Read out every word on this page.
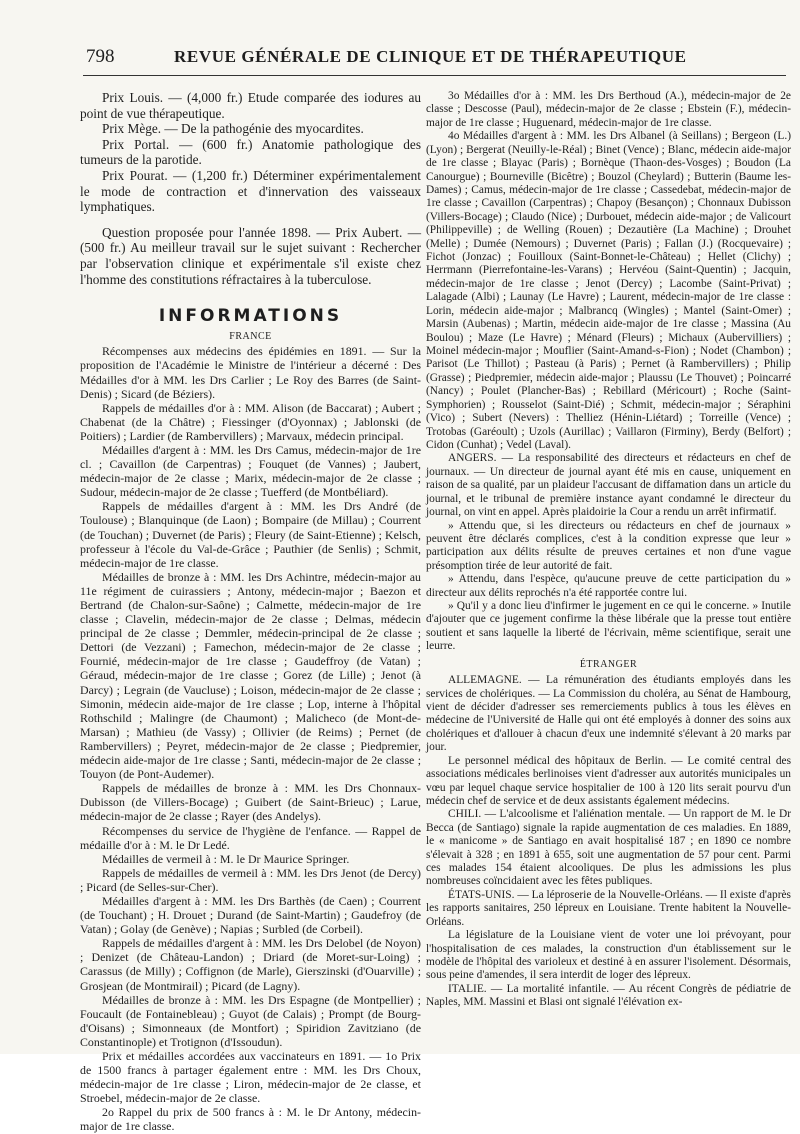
798	REVUE GÉNÉRALE DE CLINIQUE ET DE THÉRAPEUTIQUE

Prix Louis. — (4,000 fr.) Etude comparée des iodures au point de vue thérapeutique.

Prix Mège. — De la pathogénie des myocardites.

Prix Portal. — (600 fr.) Anatomie pathologique des tumeurs de la parotide.

Prix Pourat. — (1,200 fr.) Déterminer expérimentalement le mode de contraction et d'innervation des vaisseaux lymphatiques.

Question proposée pour l'année 1898. — Prix Aubert. — (500 fr.) Au meilleur travail sur le sujet suivant : Rechercher par l'observation clinique et expérimentale s'il existe chez l'homme des constitutions réfractaires à la tuberculose.

INFORMATIONS

FRANCE

Récompenses aux médecins des épidémies en 1891. — Sur la proposition de l'Académie le Ministre de l'intérieur a décerné : Des Médailles d'or à MM. les Drs Carlier ; Le Roy des Barres (de Saint-Denis) ; Sicard (de Béziers).

Rappels de médailles d'or à : MM. Alison (de Baccarat) ; Aubert ; Chabenat (de la Châtre) ; Fiessinger (d'Oyonnax) ; Jablonski (de Poitiers) ; Lardier (de Rambervillers) ; Marvaux, médecin principal.

Médailles d'argent à : MM. les Drs Camus, médecin-major de 1re cl. ; Cavaillon (de Carpentras) ; Fouquet (de Vannes) ; Jaubert, médecin-major de 2e classe ; Marix, médecin-major de 2e classe ; Sudour, médecin-major de 2e classe ; Tuefferd (de Montbéliard).

Rappels de médailles d'argent à : MM. les Drs André (de Toulouse) ; Blanquinque (de Laon) ; Bompaire (de Millau) ; Courrent (de Touchan) ; Duvernet (de Paris) ; Fleury (de Saint-Etienne) ; Kelsch, professeur à l'école du Val-de-Grâce ; Pauthier (de Senlis) ; Schmit, médecin-major de 1re classe.

Médailles de bronze à : MM. les Drs Achintre, médecin-major au 11e régiment de cuirassiers ; Antony, médecin-major ; Baezon et Bertrand (de Chalon-sur-Saône) ; Calmette, médecin-major de 1re classe ; Clavelin, médecin-major de 2e classe ; Delmas, médecin principal de 2e classe ; Demmler, médecin-principal de 2e classe ; Dettori (de Vezzani) ; Famechon, médecin-major de 2e classe ; Fournié, médecin-major de 1re classe ; Gaudeffroy (de Vatan) ; Géraud, médecin-major de 1re classe ; Gorez (de Lille) ; Jenot (à Darcy) ; Legrain (de Vaucluse) ; Loison, médecin-major de 2e classe ; Simonin, médecin aide-major de 1re classe ; Lop, interne à l'hôpital Rothschild ; Malingre (de Chaumont) ; Malicheco (de Mont-de-Marsan) ; Mathieu (de Vassy) ; Ollivier (de Reims) ; Pernet (de Rambervillers) ; Peyret, médecin-major de 2e classe ; Piedpremier, médecin aide-major de 1re classe ; Santi, médecin-major de 2e classe ; Touyon (de Pont-Audemer).

Rappels de médailles de bronze à : MM. les Drs Chonnaux-Dubisson (de Villers-Bocage) ; Guibert (de Saint-Brieuc) ; Larue, médecin-major de 2e classe ; Rayer (des Andelys).

Récompenses du service de l'hygiène de l'enfance. — Rappel de médaille d'or à : M. le Dr Ledé.

Médailles de vermeil à : M. le Dr Maurice Springer.

Rappels de médailles de vermeil à : MM. les Drs Jenot (de Dercy) ; Picard (de Selles-sur-Cher).

Médailles d'argent à : MM. les Drs Barthès (de Caen) ; Courrent (de Touchant) ; H. Drouet ; Durand (de Saint-Martin) ; Gaudefroy (de Vatan) ; Golay (de Genève) ; Napias ; Surbled (de Corbeil).

Rappels de médailles d'argent à : MM. les Drs Delobel (de Noyon) ; Denizet (de Château-Landon) ; Driard (de Moret-sur-Loing) ; Carassus (de Milly) ; Coffignon (de Marle), Gierszinski (d'Ouarville) ; Grosjean (de Montmirail) ; Picard (de Lagny).

Médailles de bronze à : MM. les Drs Espagne (de Montpellier) ; Foucault (de Fontainebleau) ; Guyot (de Calais) ; Prompt (de Bourg-d'Oisans) ; Simonneaux (de Montfort) ; Spiridion Zavitziano (de Constantinople) et Trotignon (d'Issoudun).

Prix et médailles accordées aux vaccinateurs en 1891. — 1o Prix de 1500 francs à partager également entre : MM. les Drs Choux, médecin-major de 1re classe ; Liron, médecin-major de 2e classe, et Stroebel, médecin-major de 2e classe.

2o Rappel du prix de 500 francs à : M. le Dr Antony, médecin-major de 1re classe.

3o Médailles d'or à : MM. les Drs Berthoud (A.), médecin-major de 2e classe ; Descosse (Paul), médecin-major de 2e classe ; Ebstein (F.), médecin-major de 1re classe ; Huguenard, médecin-major de 1re classe.

4o Médailles d'argent à : MM. les Drs Albanel (à Seillans) ; Bergeon (L.) (Lyon) ; Bergerat (Neuilly-le-Réal) ; Binet (Vence) ; Blanc, médecin aide-major de 1re classe ; Blayac (Paris) ; Bornèque (Thaon-des-Vosges) ; Boudon (La Canourgue) ; Bourneville (Bicêtre) ; Bouzol (Cheylard) ; Butterin (Baume les-Dames) ; Camus, médecin-major de 1re classe ; Cassedebat, médecin-major de 1re classe ; Cavaillon (Carpentras) ; Chapoy (Besançon) ; Chonnaux Dubisson (Villers-Bocage) ; Claudo (Nice) ; Durbouet, médecin aide-major ; de Valicourt (Philippeville) ; de Welling (Rouen) ; Dezautière (La Machine) ; Drouhet (Melle) ; Dumée (Nemours) ; Duvernet (Paris) ; Fallan (J.) (Rocquevaire) ; Fichot (Jonzac) ; Fouilloux (Saint-Bonnet-le-Château) ; Hellet (Clichy) ; Herrmann (Pierrefontaine-les-Varans) ; Hervéou (Saint-Quentin) ; Jacquin, médecin-major de 1re classe ; Jenot (Dercy) ; Lacombe (Saint-Privat) ; Lalagade (Albi) ; Launay (Le Havre) ; Laurent, médecin-major de 1re classe : Lorin, médecin aide-major ; Malbrancq (Wingles) ; Mantel (Saint-Omer) ; Marsin (Aubenas) ; Martin, médecin aide-major de 1re classe ; Massina (Au Boulou) ; Maze (Le Havre) ; Ménard (Fleurs) ; Michaux (Aubervilliers) ; Moinel médecin-major ; Mouflier (Saint-Amand-s-Fion) ; Nodet (Chambon) ; Parisot (Le Thillot) ; Pasteau (à Paris) ; Pernet (à Rambervillers) ; Philip (Grasse) ; Piedpremier, médecin aide-major ; Plaussu (Le Thouvet) ; Poincarré (Nancy) ; Poulet (Plancher-Bas) ; Rebillard (Méricourt) ; Roche (Saint-Symphorien) ; Rousselot (Saint-Dié) ; Schmit, médecin-major ; Séraphini (Vico) ; Subert (Nevers) : Thelliez (Hénin-Liétard) ; Torreille (Vence) ; Trotobas (Garéoult) ; Uzols (Aurillac) ; Vaillaron (Firminy), Berdy (Belfort) ; Cidon (Cunhat) ; Vedel (Laval).

ANGERS. — La responsabilité des directeurs et rédacteurs en chef de journaux. — Un directeur de journal ayant été mis en cause, uniquement en raison de sa qualité, par un plaideur l'accusant de diffamation dans un article du journal, et le tribunal de première instance ayant condamné le directeur du journal, on vint en appel. Après plaidoirie la Cour a rendu un arrêt infirmatif.

» Attendu que, si les directeurs ou rédacteurs en chef de journaux » peuvent être déclarés complices, c'est à la condition expresse que leur » participation aux délits résulte de preuves certaines et non d'une vague présomption tirée de leur autorité de fait.

» Attendu, dans l'espèce, qu'aucune preuve de cette participation du » directeur aux délits reprochés n'a été rapportée contre lui.

» Qu'il y a donc lieu d'infirmer le jugement en ce qui le concerne. » Inutile d'ajouter que ce jugement confirme la thèse libérale que la presse tout entière soutient et sans laquelle la liberté de l'écrivain, même scientifique, serait une leurre.

ÉTRANGER

ALLEMAGNE. — La rémunération des étudiants employés dans les services de cholériques. — La Commission du choléra, au Sénat de Hambourg, vient de décider d'adresser ses remerciements publics à tous les élèves en médecine de l'Université de Halle qui ont été employés à donner des soins aux cholériques et d'allouer à chacun d'eux une indemnité s'élevant à 20 marks par jour.

Le personnel médical des hôpitaux de Berlin. — Le comité central des associations médicales berlinoises vient d'adresser aux autorités municipales un vœu par lequel chaque service hospitalier de 100 à 120 lits serait pourvu d'un médecin chef de service et de deux assistants également médecins.

CHILI. — L'alcoolisme et l'aliénation mentale. — Un rapport de M. le Dr Becca (de Santiago) signale la rapide augmentation de ces maladies. En 1889, le « manicome » de Santiago en avait hospitalisé 187 ; en 1890 ce nombre s'élevait à 328 ; en 1891 à 655, soit une augmentation de 57 pour cent. Parmi ces malades 154 étaient alcooliques. De plus les admissions les plus nombreuses coïncidaient avec les fêtes publiques.

ÉTATS-UNIS. — La léproserie de la Nouvelle-Orléans. — Il existe d'après les rapports sanitaires, 250 lépreux en Louisiane. Trente habitent la Nouvelle-Orléans.

La législature de la Louisiane vient de voter une loi prévoyant, pour l'hospitalisation de ces malades, la construction d'un établissement sur le modèle de l'hôpital des varioleux et destiné à en assurer l'isolement. Désormais, sous peine d'amendes, il sera interdit de loger des lépreux.

ITALIE. — La mortalité infantile. — Au récent Congrès de pédiatrie de Naples, MM. Massini et Blasi ont signalé l'élévation ex-
